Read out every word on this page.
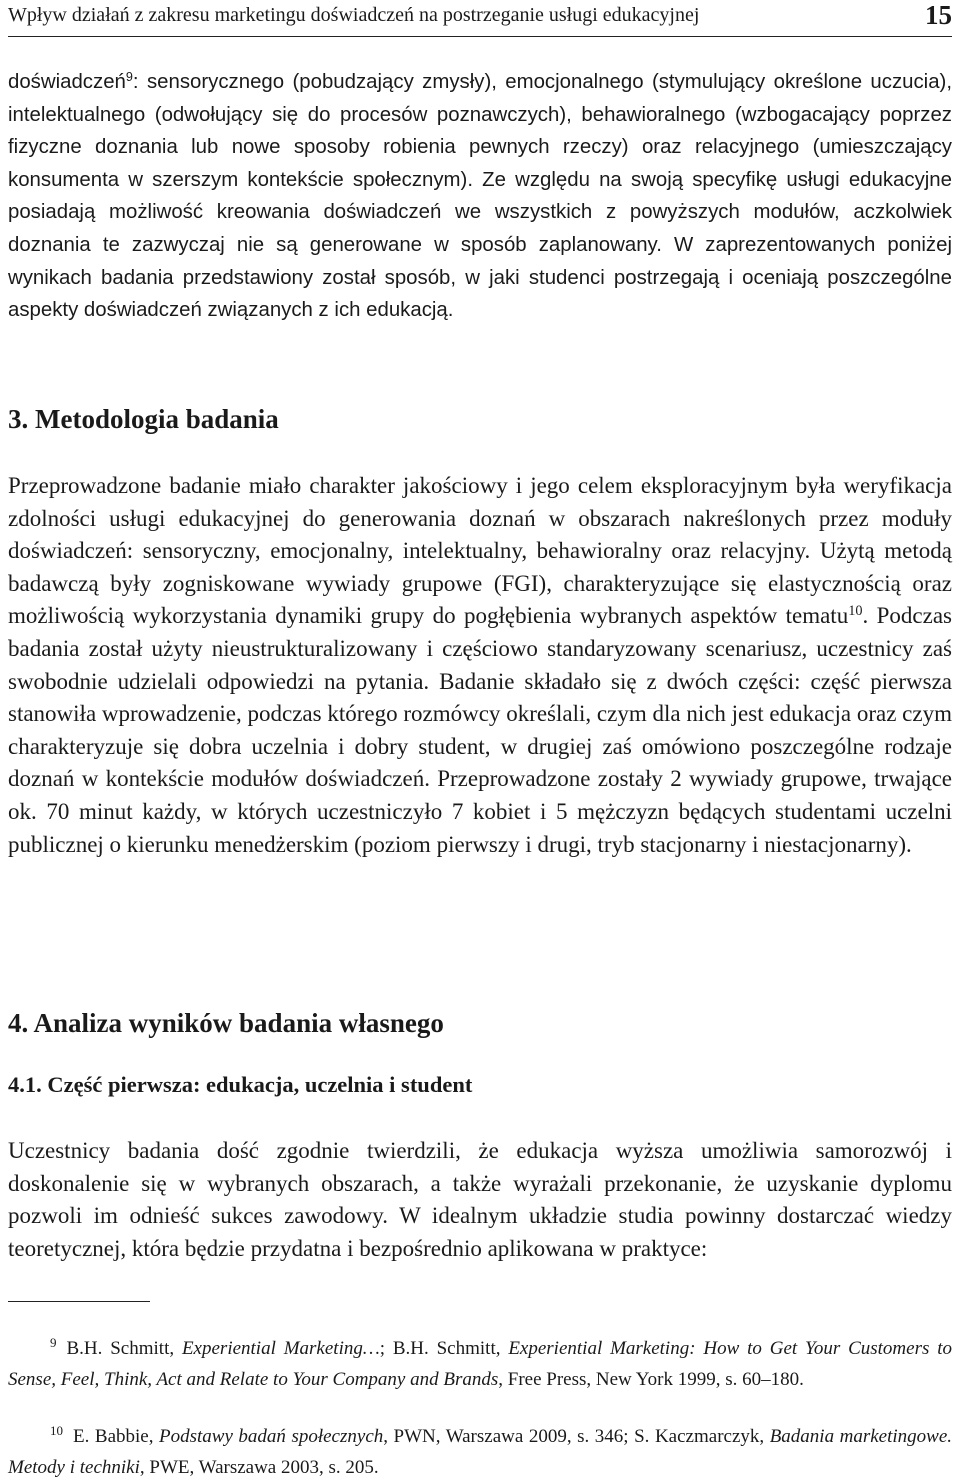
Wpływ działań z zakresu marketingu doświadczeń na postrzeganie usługi edukacyjnej	15

doświadczeń$^9$: sensorycznego (pobudzający zmysły), emocjonalnego (stymulujący określone uczucia), intelektualnego (odwołujący się do procesów poznawczych), behawioralnego (wzbogacający poprzez fizyczne doznania lub nowe sposoby robienia pewnych rzeczy) oraz relacyjnego (umieszczający konsumenta w szerszym kontekście społecznym). Ze względu na swoją specyfikę usługi edukacyjne posiadają możliwość kreowania doświadczeń we wszystkich z powyższych modułów, aczkolwiek doznania te zazwyczaj nie są generowane w sposób zaplanowany. W zaprezentowanych poniżej wynikach badania przedstawiony został sposób, w jaki studenci postrzegają i oceniają poszczególne aspekty doświadczeń związanych z ich edukacją.

3. Metodologia badania

Przeprowadzone badanie miało charakter jakościowy i jego celem eksploracyjnym była weryfikacja zdolności usługi edukacyjnej do generowania doznań w obszarach nakreślonych przez moduły doświadczeń: sensoryczny, emocjonalny, intelektualny, behawioralny oraz relacyjny. Użytą metodą badawczą były zogniskowane wywiady grupowe (FGI), charakteryzujące się elastycznością oraz możliwością wykorzystania dynamiki grupy do pogłębienia wybranych aspektów tematu$^{10}$. Podczas badania został użyty nieustrukturalizowany i częściowo standaryzowany scenariusz, uczestnicy zaś swobodnie udzielali odpowiedzi na pytania. Badanie składało się z dwóch części: część pierwsza stanowiła wprowadzenie, podczas którego rozmówcy określali, czym dla nich jest edukacja oraz czym charakteryzuje się dobra uczelnia i dobry student, w drugiej zaś omówiono poszczególne rodzaje doznań w kontekście modułów doświadczeń. Przeprowadzone zostały 2 wywiady grupowe, trwające ok. 70 minut każdy, w których uczestniczyło 7 kobiet i 5 mężczyzn będących studentami uczelni publicznej o kierunku menedżerskim (poziom pierwszy i drugi, tryb stacjonarny i niestacjonarny).

4. Analiza wyników badania własnego
4.1. Część pierwsza: edukacja, uczelnia i student

Uczestnicy badania dość zgodnie twierdzili, że edukacja wyższa umożliwia samorozwój i doskonalenie się w wybranych obszarach, a także wyrażali przekonanie, że uzyskanie dyplomu pozwoli im odnieść sukces zawodowy. W idealnym układzie studia powinny dostarczać wiedzy teoretycznej, która będzie przydatna i bezpośrednio aplikowana w praktyce:

$^9$ B.H. Schmitt, Experiential Marketing…; B.H. Schmitt, Experiential Marketing: How to Get Your Customers to Sense, Feel, Think, Act and Relate to Your Company and Brands, Free Press, New York 1999, s. 60–180.

$^{10}$ E. Babbie, Podstawy badań społecznych, PWN, Warszawa 2009, s. 346; S. Kaczmarczyk, Badania marketingowe. Metody i techniki, PWE, Warszawa 2003, s. 205.
